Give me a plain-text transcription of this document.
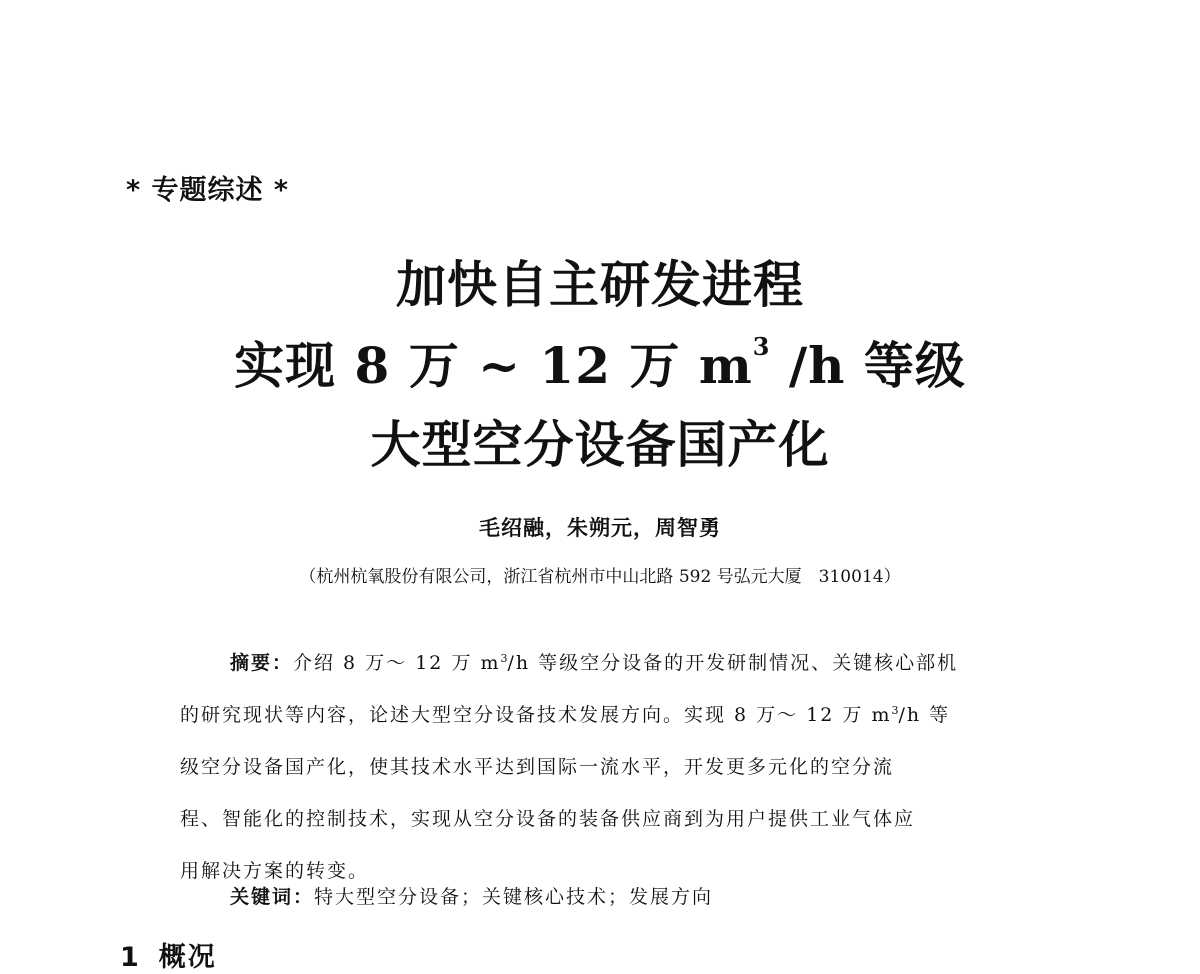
* 专题综述 *
加快自主研发进程
实现 8 万 ~ 12 万 $m^3$ /h 等级
大型空分设备国产化
毛绍融，朱朔元，周智勇
（杭州杭氧股份有限公司，浙江省杭州市中山北路 592 号弘元大厦　310014）
摘要：介绍 8 万～ 12 万 $m^3/h$ 等级空分设备的开发研制情况、关键核心部机
的研究现状等内容，论述大型空分设备技术发展方向。实现 8 万～ 12 万 $m^3/h$ 等
级空分设备国产化，使其技术水平达到国际一流水平，开发更多元化的空分流
程、智能化的控制技术，实现从空分设备的装备供应商到为用户提供工业气体应
用解决方案的转变。
关键词：特大型空分设备；关键核心技术；发展方向
1 概况
